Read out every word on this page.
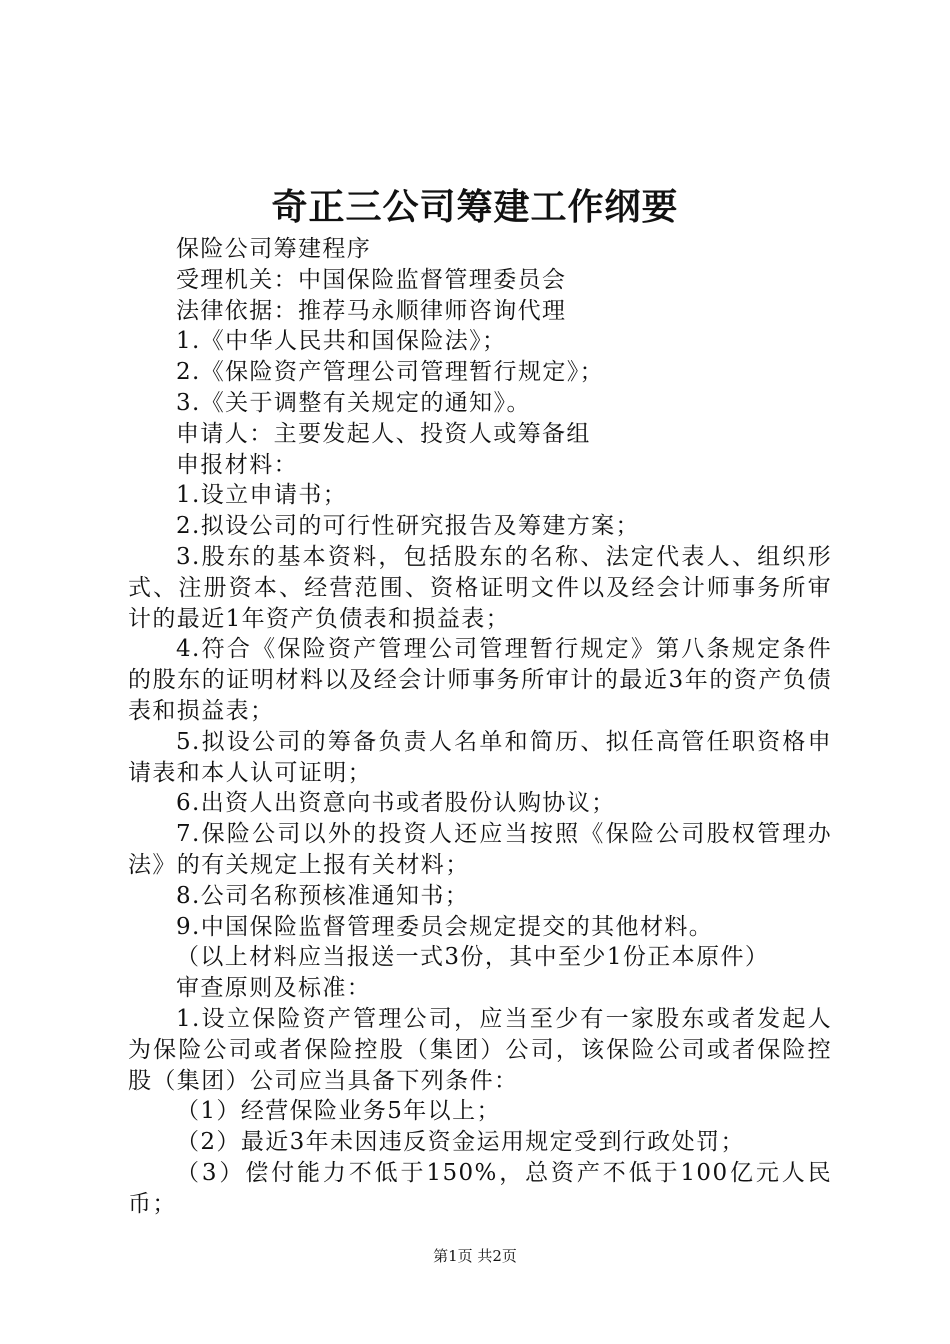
奇正三公司筹建工作纲要

保险公司筹建程序

受理机关：中国保险监督管理委员会

法律依据：推荐马永顺律师咨询代理

1.《中华人民共和国保险法》；

2.《保险资产管理公司管理暂行规定》；

3.《关于调整有关规定的通知》。

申请人：主要发起人、投资人或筹备组

申报材料：

1.设立申请书；

2.拟设公司的可行性研究报告及筹建方案；

3.股东的基本资料，包括股东的名称、法定代表人、组织形式、注册资本、经营范围、资格证明文件以及经会计师事务所审计的最近1年资产负债表和损益表；

4.符合《保险资产管理公司管理暂行规定》第八条规定条件的股东的证明材料以及经会计师事务所审计的最近3年的资产负债表和损益表；

5.拟设公司的筹备负责人名单和简历、拟任高管任职资格申请表和本人认可证明；

6.出资人出资意向书或者股份认购协议；

7.保险公司以外的投资人还应当按照《保险公司股权管理办法》的有关规定上报有关材料；

8.公司名称预核准通知书；

9.中国保险监督管理委员会规定提交的其他材料。

（以上材料应当报送一式3份，其中至少1份正本原件）

审查原则及标准：

1.设立保险资产管理公司，应当至少有一家股东或者发起人为保险公司或者保险控股（集团）公司，该保险公司或者保险控股（集团）公司应当具备下列条件：

（1）经营保险业务5年以上；

（2）最近3年未因违反资金运用规定受到行政处罚；

（3）偿付能力不低于150%，总资产不低于100亿元人民币；

第1页 共2页
